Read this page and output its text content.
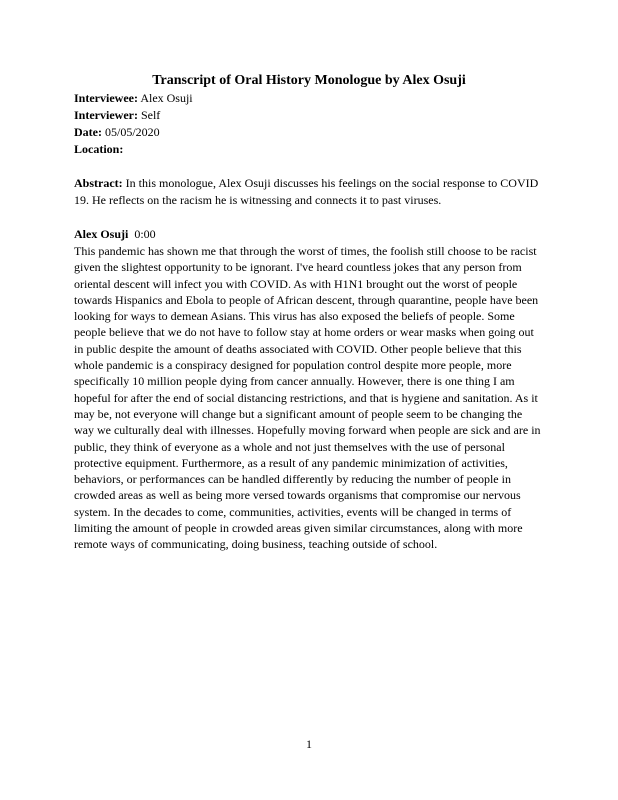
Transcript of Oral History Monologue by Alex Osuji

Interviewee: Alex Osuji

Interviewer: Self

Date: 05/05/2020

Location:

Abstract: In this monologue, Alex Osuji discusses his feelings on the social response to COVID 19. He reflects on the racism he is witnessing and connects it to past viruses.

Alex Osuji 0:00

This pandemic has shown me that through the worst of times, the foolish still choose to be racist given the slightest opportunity to be ignorant. I've heard countless jokes that any person from oriental descent will infect you with COVID. As with H1N1 brought out the worst of people towards Hispanics and Ebola to people of African descent, through quarantine, people have been looking for ways to demean Asians. This virus has also exposed the beliefs of people. Some people believe that we do not have to follow stay at home orders or wear masks when going out in public despite the amount of deaths associated with COVID. Other people believe that this whole pandemic is a conspiracy designed for population control despite more people, more specifically 10 million people dying from cancer annually. However, there is one thing I am hopeful for after the end of social distancing restrictions, and that is hygiene and sanitation. As it may be, not everyone will change but a significant amount of people seem to be changing the way we culturally deal with illnesses. Hopefully moving forward when people are sick and are in public, they think of everyone as a whole and not just themselves with the use of personal protective equipment. Furthermore, as a result of any pandemic minimization of activities, behaviors, or performances can be handled differently by reducing the number of people in crowded areas as well as being more versed towards organisms that compromise our nervous system. In the decades to come, communities, activities, events will be changed in terms of limiting the amount of people in crowded areas given similar circumstances, along with more remote ways of communicating, doing business, teaching outside of school.

1
